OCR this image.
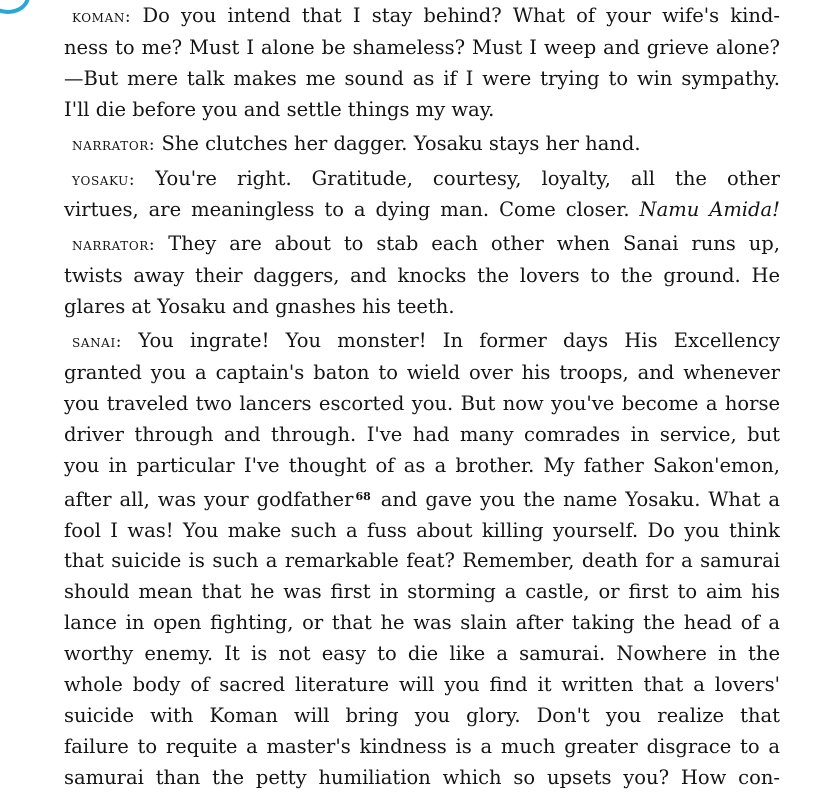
koman: Do you intend that I stay behind? What of your wife's kind-
ness to me? Must I alone be shameless? Must I weep and grieve alone?
—But mere talk makes me sound as if I were trying to win sympathy.
I'll die before you and settle things my way.
narrator: She clutches her dagger. Yosaku stays her hand.
yosaku: You're right. Gratitude, courtesy, loyalty, all the other
virtues, are meaningless to a dying man. Come closer. Namu Amida!
narrator: They are about to stab each other when Sanai runs up,
twists away their daggers, and knocks the lovers to the ground. He
glares at Yosaku and gnashes his teeth.
sanai: You ingrate! You monster! In former days His Excellency
granted you a captain's baton to wield over his troops, and whenever
you traveled two lancers escorted you. But now you've become a horse
driver through and through. I've had many comrades in service, but
you in particular I've thought of as a brother. My father Sakon'emon,
after all, was your godfather $^{68}$ and gave you the name Yosaku. What a
fool I was! You make such a fuss about killing yourself. Do you think
that suicide is such a remarkable feat? Remember, death for a samurai
should mean that he was first in storming a castle, or first to aim his
lance in open fighting, or that he was slain after taking the head of a
worthy enemy. It is not easy to die like a samurai. Nowhere in the
whole body of sacred literature will you find it written that a lovers'
suicide with Koman will bring you glory. Don't you realize that
failure to requite a master's kindness is a much greater disgrace to a
samurai than the petty humiliation which so upsets you? How con-
